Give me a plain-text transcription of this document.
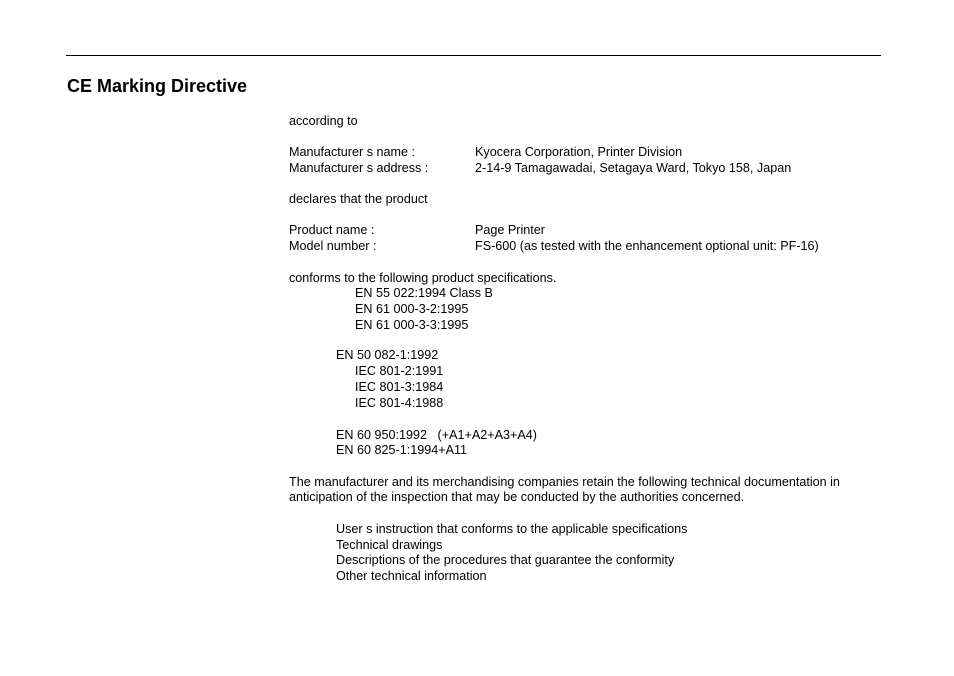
CE Marking Directive
according to
Manufacturer s name :	Kyocera Corporation, Printer Division
Manufacturer s address :	2-14-9 Tamagawadai, Setagaya Ward, Tokyo 158, Japan
declares that the product
Product name :	Page Printer
Model number :	FS-600 (as tested with the enhancement optional unit: PF-16)
conforms to the following product specifications.
EN 55 022:1994 Class B
EN 61 000-3-2:1995
EN 61 000-3-3:1995
EN 50 082-1:1992
IEC 801-2:1991
IEC 801-3:1984
IEC 801-4:1988
EN 60 950:1992   (+A1+A2+A3+A4)
EN 60 825-1:1994+A11
The manufacturer and its merchandising companies retain the following technical documentation in
anticipation of the inspection that may be conducted by the authorities concerned.
User s instruction that conforms to the applicable specifications
Technical drawings
Descriptions of the procedures that guarantee the conformity
Other technical information
